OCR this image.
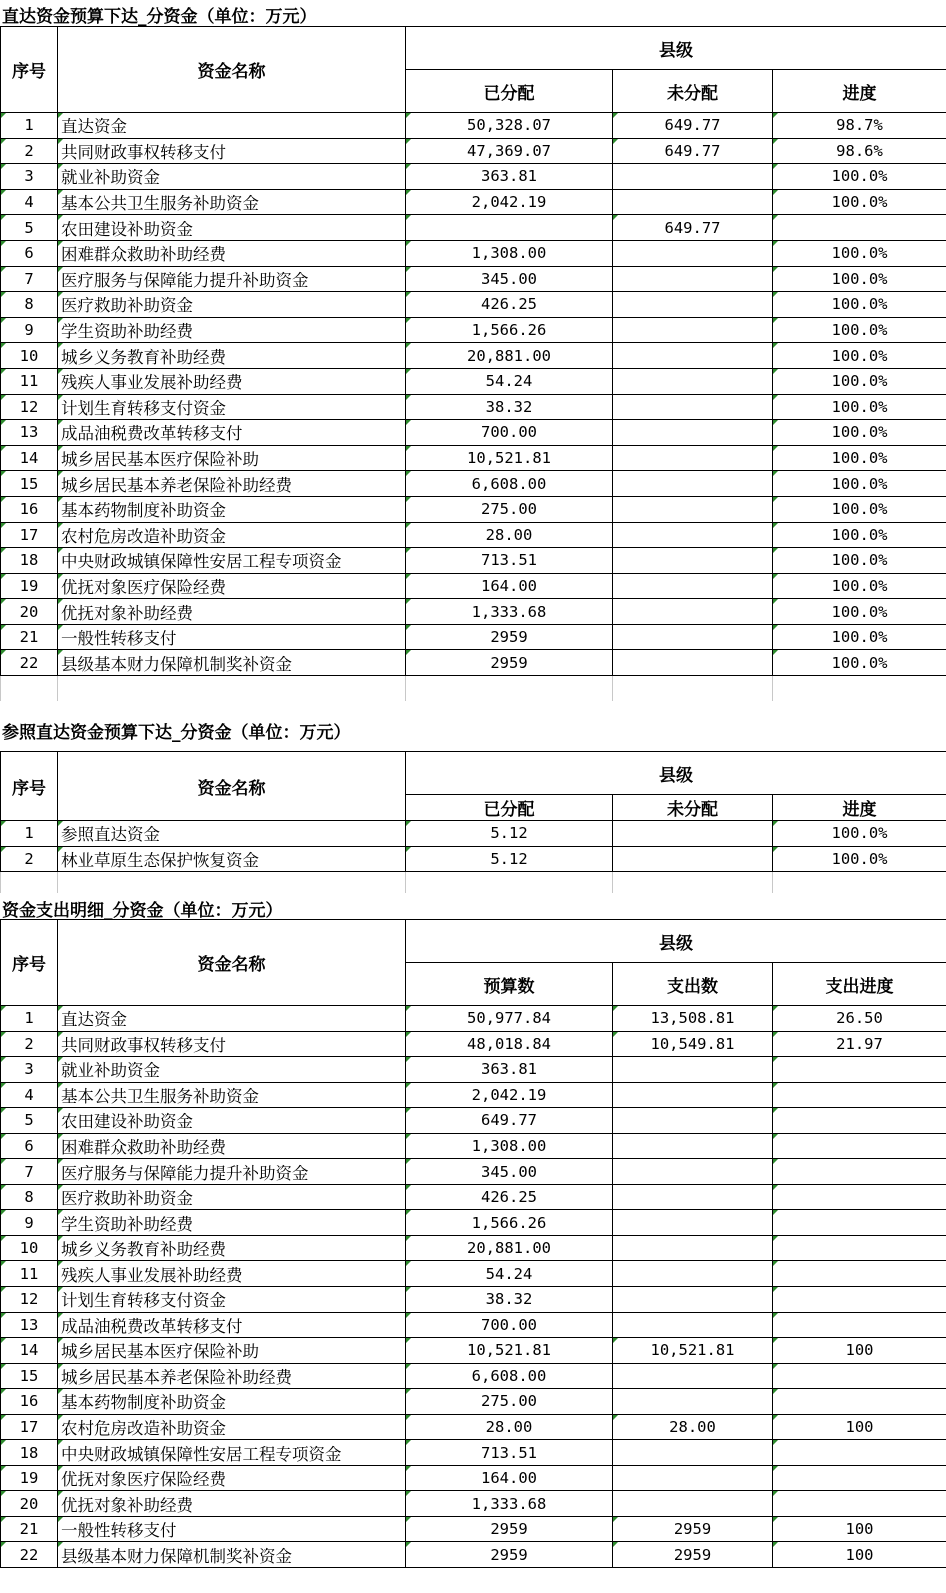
直达资金预算下达_分资金（单位：万元）
序号	资金名称	县级		
		已分配	未分配	进度
1	直达资金	50,328.07	649.77	98.7%
2	共同财政事权转移支付	47,369.07	649.77	98.6%
3	就业补助资金	363.81		100.0%
4	基本公共卫生服务补助资金	2,042.19		100.0%
5	农田建设补助资金		649.77	
6	困难群众救助补助经费	1,308.00		100.0%
7	医疗服务与保障能力提升补助资金	345.00		100.0%
8	医疗救助补助资金	426.25		100.0%
9	学生资助补助经费	1,566.26		100.0%
10	城乡义务教育补助经费	20,881.00		100.0%
11	残疾人事业发展补助经费	54.24		100.0%
12	计划生育转移支付资金	38.32		100.0%
13	成品油税费改革转移支付	700.00		100.0%
14	城乡居民基本医疗保险补助	10,521.81		100.0%
15	城乡居民基本养老保险补助经费	6,608.00		100.0%
16	基本药物制度补助资金	275.00		100.0%
17	农村危房改造补助资金	28.00		100.0%
18	中央财政城镇保障性安居工程专项资金	713.51		100.0%
19	优抚对象医疗保险经费	164.00		100.0%
20	优抚对象补助经费	1,333.68		100.0%
21	一般性转移支付	2959		100.0%
22	县级基本财力保障机制奖补资金	2959		100.0%

参照直达资金预算下达_分资金（单位：万元）
序号	资金名称	县级		
		已分配	未分配	进度
1	参照直达资金	5.12		100.0%
2	林业草原生态保护恢复资金	5.12		100.0%

资金支出明细_分资金（单位：万元）
序号	资金名称	县级		
		预算数	支出数	支出进度
1	直达资金	50,977.84	13,508.81	26.50
2	共同财政事权转移支付	48,018.84	10,549.81	21.97
3	就业补助资金	363.81		
4	基本公共卫生服务补助资金	2,042.19		
5	农田建设补助资金	649.77		
6	困难群众救助补助经费	1,308.00		
7	医疗服务与保障能力提升补助资金	345.00		
8	医疗救助补助资金	426.25		
9	学生资助补助经费	1,566.26		
10	城乡义务教育补助经费	20,881.00		
11	残疾人事业发展补助经费	54.24		
12	计划生育转移支付资金	38.32		
13	成品油税费改革转移支付	700.00		
14	城乡居民基本医疗保险补助	10,521.81	10,521.81	100
15	城乡居民基本养老保险补助经费	6,608.00		
16	基本药物制度补助资金	275.00		
17	农村危房改造补助资金	28.00	28.00	100
18	中央财政城镇保障性安居工程专项资金	713.51		
19	优抚对象医疗保险经费	164.00		
20	优抚对象补助经费	1,333.68		
21	一般性转移支付	2959	2959	100
22	县级基本财力保障机制奖补资金	2959	2959	100
